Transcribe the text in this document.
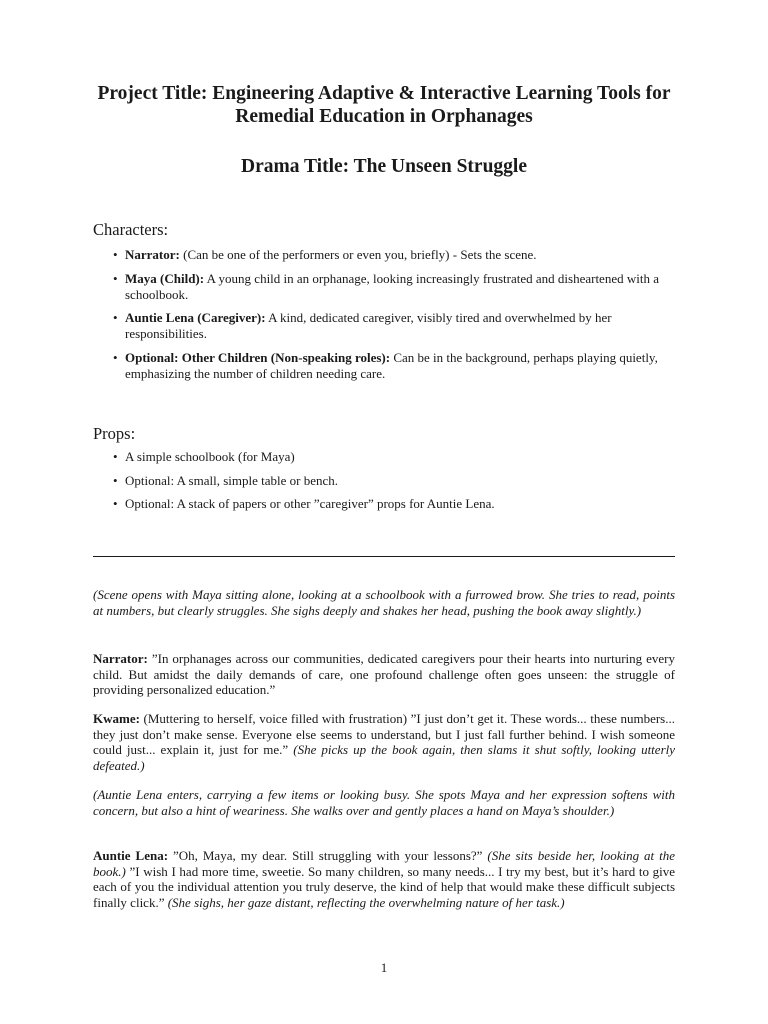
Project Title: Engineering Adaptive & Interactive Learning Tools for Remedial Education in Orphanages
Drama Title: The Unseen Struggle
Characters:
• Narrator: (Can be one of the performers or even you, briefly) - Sets the scene.
• Maya (Child): A young child in an orphanage, looking increasingly frustrated and disheartened with a schoolbook.
• Auntie Lena (Caregiver): A kind, dedicated caregiver, visibly tired and overwhelmed by her responsibilities.
• Optional: Other Children (Non-speaking roles): Can be in the background, perhaps playing quietly, emphasizing the number of children needing care.
Props:
• A simple schoolbook (for Maya)
• Optional: A small, simple table or bench.
• Optional: A stack of papers or other ”caregiver” props for Auntie Lena.
(Scene opens with Maya sitting alone, looking at a schoolbook with a furrowed brow. She tries to read, points at numbers, but clearly struggles. She sighs deeply and shakes her head, pushing the book away slightly.)
Narrator: ”In orphanages across our communities, dedicated caregivers pour their hearts into nurturing every child. But amidst the daily demands of care, one profound challenge often goes unseen: the struggle of providing personalized education.”
Kwame: (Muttering to herself, voice filled with frustration) ”I just don’t get it. These words... these numbers... they just don’t make sense. Everyone else seems to understand, but I just fall further behind. I wish someone could just... explain it, just for me.” (She picks up the book again, then slams it shut softly, looking utterly defeated.)
(Auntie Lena enters, carrying a few items or looking busy. She spots Maya and her expression softens with concern, but also a hint of weariness. She walks over and gently places a hand on Maya’s shoulder.)
Auntie Lena: ”Oh, Maya, my dear. Still struggling with your lessons?” (She sits beside her, looking at the book.) ”I wish I had more time, sweetie. So many children, so many needs... I try my best, but it’s hard to give each of you the individual attention you truly deserve, the kind of help that would make these difficult subjects finally click.” (She sighs, her gaze distant, reflecting the overwhelming nature of her task.)
1
